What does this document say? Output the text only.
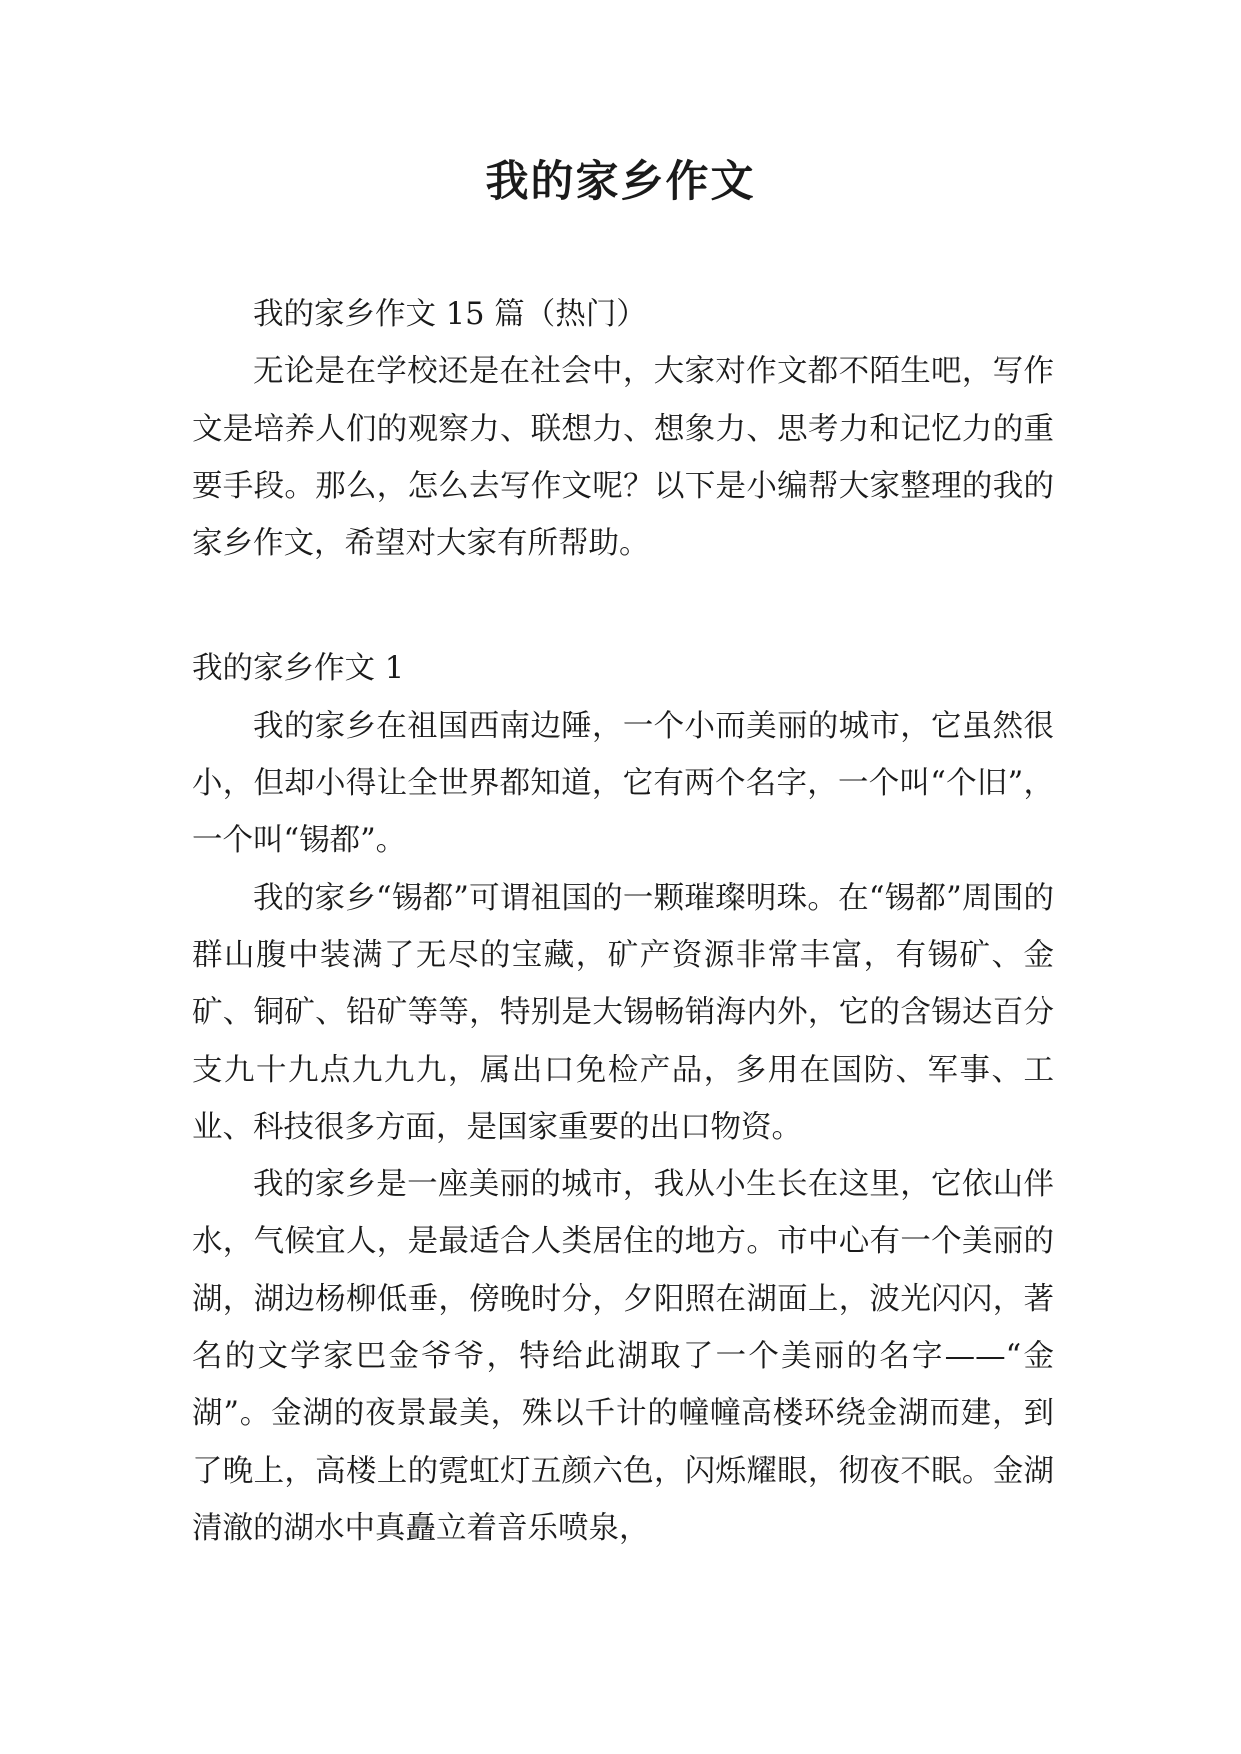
我的家乡作文

我的家乡作文 15 篇（热门）

无论是在学校还是在社会中，大家对作文都不陌生吧，写作文是培养人们的观察力、联想力、想象力、思考力和记忆力的重要手段。那么，怎么去写作文呢？以下是小编帮大家整理的我的家乡作文，希望对大家有所帮助。

我的家乡作文 1

我的家乡在祖国西南边陲，一个小而美丽的城市，它虽然很小，但却小得让全世界都知道，它有两个名字，一个叫“个旧”，一个叫“锡都”。

我的家乡“锡都”可谓祖国的一颗璀璨明珠。在“锡都”周围的群山腹中装满了无尽的宝藏，矿产资源非常丰富，有锡矿、金矿、铜矿、铅矿等等，特别是大锡畅销海内外，它的含锡达百分支九十九点九九九，属出口免检产品，多用在国防、军事、工业、科技很多方面，是国家重要的出口物资。

我的家乡是一座美丽的城市，我从小生长在这里，它依山伴水，气候宜人，是最适合人类居住的地方。市中心有一个美丽的湖，湖边杨柳低垂，傍晚时分，夕阳照在湖面上，波光闪闪，著名的文学家巴金爷爷，特给此湖取了一个美丽的名字——“金湖”。金湖的夜景最美，殊以千计的幢幢高楼环绕金湖而建，到了晚上，高楼上的霓虹灯五颜六色，闪烁耀眼，彻夜不眠。金湖清澈的湖水中真矗立着音乐喷泉，
